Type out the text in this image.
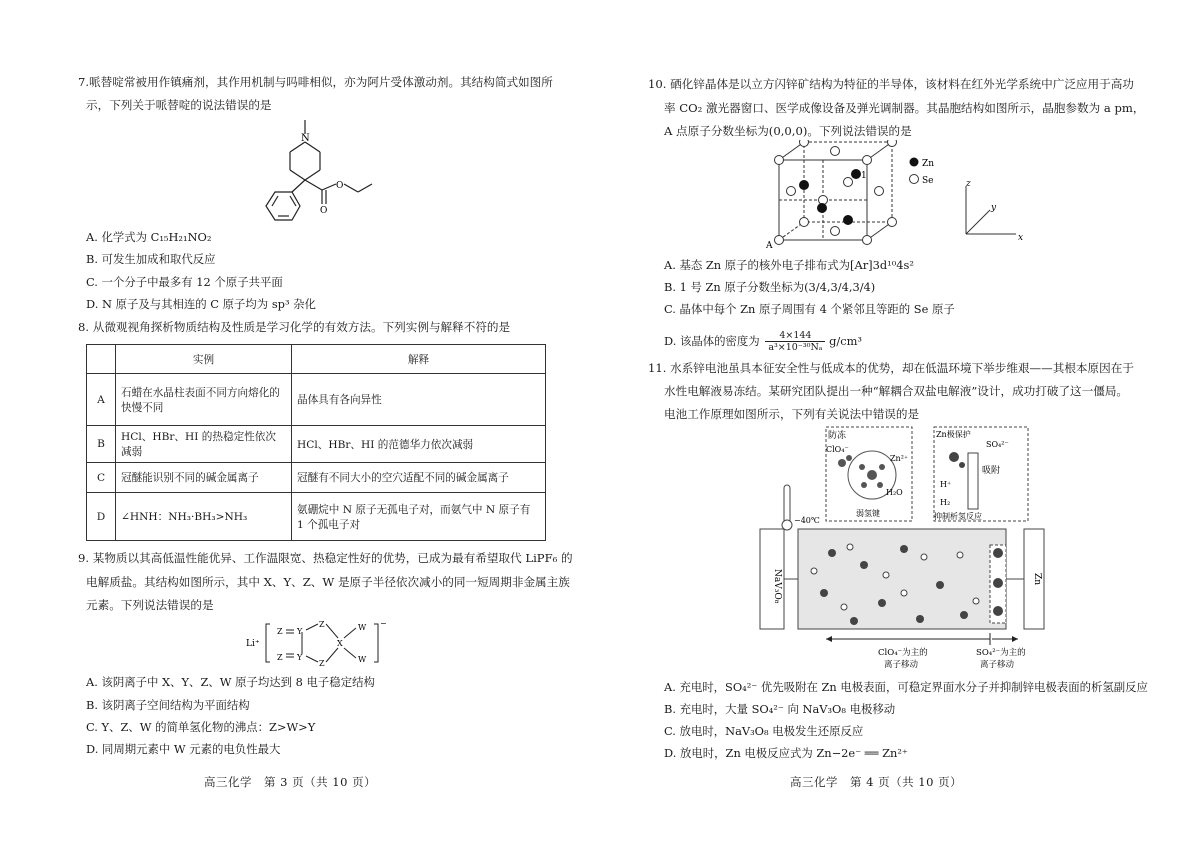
7.哌替啶常被用作镇痛剂，其作用机制与吗啡相似，亦为阿片受体激动剂。其结构简式如图所
示，下列关于哌替啶的说法错误的是
N
O
O
A. 化学式为 C₁₅H₂₁NO₂
B. 可发生加成和取代反应
C. 一个分子中最多有 12 个原子共平面
D. N 原子及与其相连的 C 原子均为 sp³ 杂化
8. 从微观视角探析物质结构及性质是学习化学的有效方法。下列实例与解释不符的是
	实例	解释
A	石蜡在水晶柱表面不同方向熔化的快慢不同	晶体具有各向异性
B	HCl、HBr、HI 的热稳定性依次减弱	HCl、HBr、HI 的范德华力依次减弱
C	冠醚能识别不同的碱金属离子	冠醚有不同大小的空穴适配不同的碱金属离子
D	∠HNH：NH₃·BH₃>NH₃	氨硼烷中 N 原子无孤电子对，而氨气中 N 原子有 1 个孤电子对
9. 某物质以其高低温性能优异、工作温限宽、热稳定性好的优势，已成为最有希望取代 LiPF₆ 的
电解质盐。其结构如图所示，其中 X、Y、Z、W 是原子半径依次减小的同一短周期非金属主族
元素。下列说法错误的是
Li⁺
Z
Z
Y
Y
Z
Z
X
W
W
−
A. 该阴离子中 X、Y、Z、W 原子均达到 8 电子稳定结构
B. 该阴离子空间结构为平面结构
C. Y、Z、W 的简单氢化物的沸点：Z>W>Y
D. 同周期元素中 W 元素的电负性最大
高三化学　第 3 页（共 10 页）
10. 硒化锌晶体是以立方闪锌矿结构为特征的半导体，该材料在红外光学系统中广泛应用于高功
率 CO₂ 激光器窗口、医学成像设备及弹光调制器。其晶胞结构如图所示，晶胞参数为 a pm，
A 点原子分数坐标为(0,0,0)。下列说法错误的是
1
A
Zn
Se	z
y
x
A. 基态 Zn 原子的核外电子排布式为[Ar]3d¹⁰4s²
B. 1 号 Zn 原子分数坐标为(3/4,3/4,3/4)
C. 晶体中每个 Zn 原子周围有 4 个紧邻且等距的 Se 原子
D. 该晶体的密度为 $\frac{4\times 144}{\text{a³×10⁻³⁰Nₐ}} g/cm^3$
11. 水系锌电池虽具本征安全性与低成本的优势，却在低温环境下举步维艰——其根本原因在于
水性电解液易冻结。某研究团队提出一种“解耦合双盐电解液”设计，成功打破了这一僵局。
电池工作原理如图所示，下列有关说法中错误的是
防冻
ClO₄⁻
Zn²⁺
H₂O
弱氢键
Zn极保护
SO₄²⁻
吸附
H⁺
H₂
抑制析氢反应
−40℃
NaV₃O₈	Zn
ClO₄⁻为主的
离子移动
SO₄²⁻为主的
离子移动
A. 充电时，SO₄²⁻ 优先吸附在 Zn 电极表面，可稳定界面水分子并抑制锌电极表面的析氢副反应
B. 充电时，大量 SO₄²⁻ 向 NaV₃O₈ 电极移动
C. 放电时，NaV₃O₈ 电极发生还原反应
D. 放电时，Zn 电极反应式为 Zn−2e⁻ ══ Zn²⁺
高三化学　第 4 页（共 10 页）
